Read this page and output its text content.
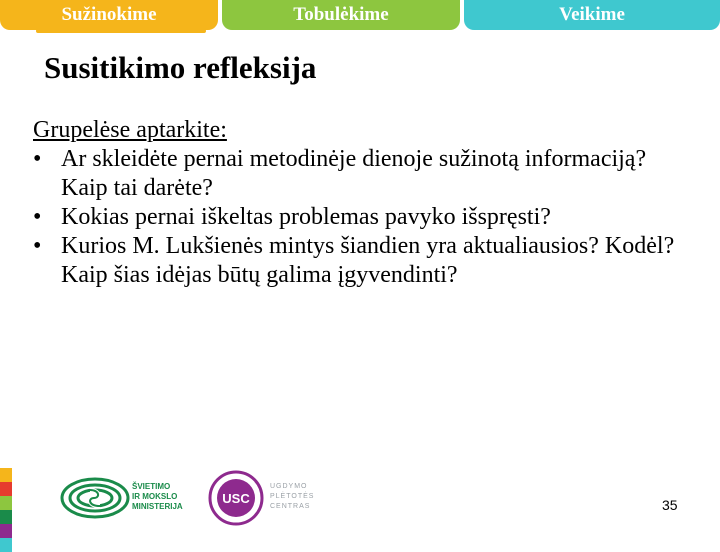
Sužinokime	Tobulėkime	Veikime
Susitikimo refleksija
Grupelėse aptarkite:
• Ar skleidėte pernai metodinėje dienoje sužinotą informaciją? Kaip tai darėte?
• Kokias pernai iškeltas problemas pavyko išspręsti?
• Kurios M. Lukšienės mintys šiandien yra aktualiausios? Kodėl? Kaip šias idėjas būtų galima įgyvendinti?
ŠVIETIMO
IR MOKSLO
MINISTERIJA
USC
UGDYMO
PLĖTOTĖS
CENTRAS	35
